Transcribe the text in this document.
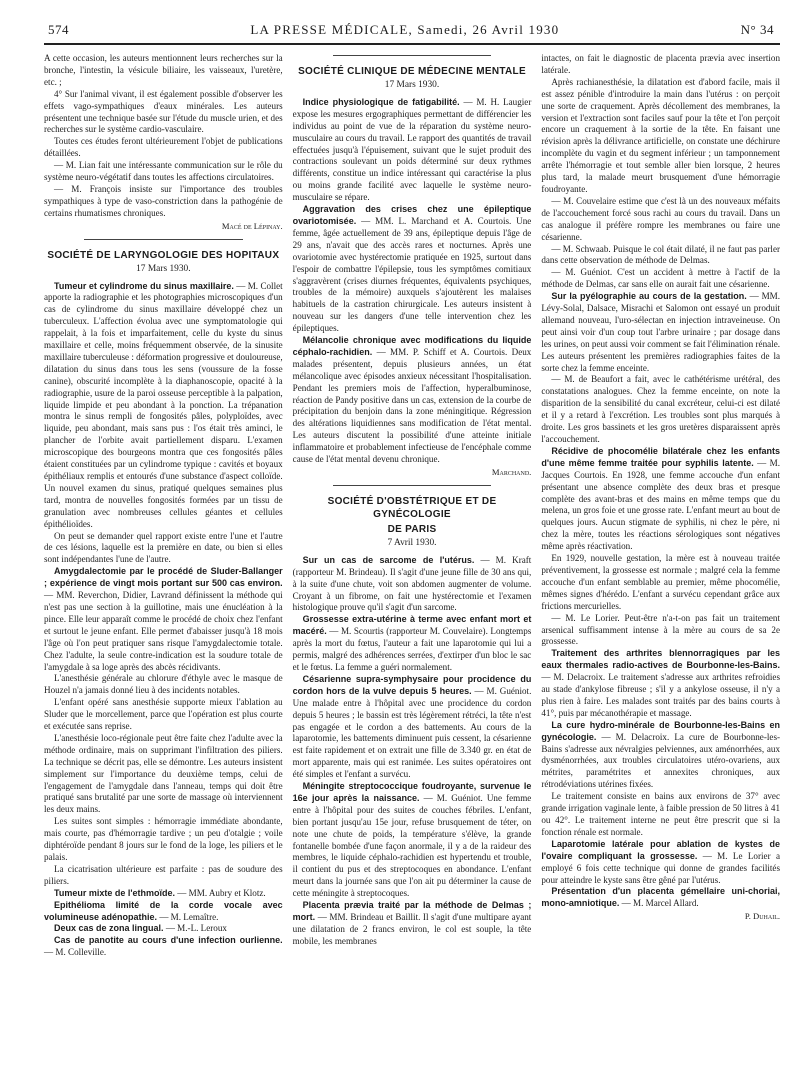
574	LA PRESSE MÉDICALE, Samedi, 26 Avril 1930	N° 34

A cette occasion, les auteurs mentionnent leurs recherches sur la bronche, l'intestin, la vésicule biliaire, les vaisseaux, l'uretère, etc. ;

4° Sur l'animal vivant, il est également possible d'observer les effets vago-sympathiques d'eaux minérales. Les auteurs présentent une technique basée sur l'étude du muscle urien, et des recherches sur le système cardio-vasculaire.

Toutes ces études feront ultérieurement l'objet de publications détaillées.

— M. Lian fait une intéressante communication sur le rôle du système neuro-végétatif dans toutes les affections circulatoires.

— M. François insiste sur l'importance des troubles sympathiques à type de vaso-constriction dans la pathogénie de certains rhumatismes chroniques.

Macé de Lépinay.
SOCIÉTÉ DE LARYNGOLOGIE DES HOPITAUX
17 Mars 1930.

Tumeur et cylindrome du sinus maxillaire. — M. Collet apporte la radiographie et les photographies microscopiques d'un cas de cylindrome du sinus maxillaire développé chez un tuberculeux. L'affection évolua avec une symptomatologie qui rappelait, à la fois et imparfaitement, celle du kyste du sinus maxillaire et celle, moins fréquemment observée, de la sinusite maxillaire tuberculeuse : déformation progressive et douloureuse, dilatation du sinus dans tous les sens (voussure de la fosse canine), obscurité incomplète à la diaphanoscopie, opacité à la radiographie, usure de la paroi osseuse perceptible à la palpation, liquide limpide et peu abondant à la ponction. La trépanation montra le sinus rempli de fongosités pâles, polyploïdes, avec liquide, peu abondant, mais sans pus : l'os était très aminci, le plancher de l'orbite avait partiellement disparu. L'examen microscopique des bourgeons montra que ces fongosités pâles étaient constituées par un cylindrome typique : cavités et boyaux épithéliaux remplis et entourés d'une substance d'aspect colloïde. Un nouvel examen du sinus, pratiqué quelques semaines plus tard, montra de nouvelles fongosités formées par un tissu de granulation avec nombreuses cellules géantes et cellules épithélioïdes.

On peut se demander quel rapport existe entre l'une et l'autre de ces lésions, laquelle est la première en date, ou bien si elles sont indépendantes l'une de l'autre.

Amygdalectomie par le procédé de Sluder-Ballanger ; expérience de vingt mois portant sur 500 cas environ. — MM. Reverchon, Didier, Lavrand définissent la méthode qui n'est pas une section à la guillotine, mais une énucléation à la pince. Elle leur apparaît comme le procédé de choix chez l'enfant et surtout le jeune enfant. Elle permet d'abaisser jusqu'à 18 mois l'âge où l'on peut pratiquer sans risque l'amygdalectomie totale. Chez l'adulte, la seule contre-indication est la soudure totale de l'amygdale à sa loge après des abcès récidivants.

L'anesthésie générale au chlorure d'éthyle avec le masque de Houzel n'a jamais donné lieu à des incidents notables.

L'enfant opéré sans anesthésie supporte mieux l'ablation au Sluder que le morcellement, parce que l'opération est plus courte et exécutée sans reprise.

L'anesthésie loco-régionale peut être faite chez l'adulte avec la méthode ordinaire, mais on supprimant l'infiltration des piliers. La technique se décrit pas, elle se démontre. Les auteurs insistent simplement sur l'importance du deuxième temps, celui de l'engagement de l'amygdale dans l'anneau, temps qui doit être pratiqué sans brutalité par une sorte de massage où interviennent les deux mains.

Les suites sont simples : hémorragie immédiate abondante, mais courte, pas d'hémorragie tardive ; un peu d'otalgie ; voile diphtéroïde pendant 8 jours sur le fond de la loge, les piliers et le palais.

La cicatrisation ultérieure est parfaite : pas de soudure des piliers.

Tumeur mixte de l'ethmoïde. — MM. Aubry et Klotz.

Epithélioma limité de la corde vocale avec volumineuse adénopathie. — M. Lemaître.

Deux cas de zona lingual. — M.-L. Leroux

Cas de panotite au cours d'une infection ourlienne. — M. Colleville.

SOCIÉTÉ CLINIQUE DE MÉDECINE MENTALE
17 Mars 1930.

Indice physiologique de fatigabilité. — M. H. Laugier expose les mesures ergographiques permettant de différencier les individus au point de vue de la réparation du système neuro-musculaire au cours du travail. Le rapport des quantités de travail effectuées jusqu'à l'épuisement, suivant que le sujet produit des contractions soulevant un poids déterminé sur deux rythmes différents, constitue un indice intéressant qui caractérise la plus ou moins grande facilité avec laquelle le système neuro-musculaire se répare.

Aggravation des crises chez une épileptique ovariotomisée. — MM. L. Marchand et A. Courtois. Une femme, âgée actuellement de 39 ans, épileptique depuis l'âge de 29 ans, n'avait que des accès rares et nocturnes. Après une ovariotomie avec hystérectomie pratiquée en 1925, surtout dans l'espoir de combattre l'épilepsie, tous les symptômes comitiaux s'aggravèrent (crises diurnes fréquentes, équivalents psychiques, troubles de la mémoire) auxquels s'ajoutèrent les malaises habituels de la castration chirurgicale. Les auteurs insistent à nouveau sur les dangers d'une telle intervention chez les épileptiques.

Mélancolie chronique avec modifications du liquide céphalo-rachidien. — MM. P. Schiff et A. Courtois. Deux malades présentent, depuis plusieurs années, un état mélancolique avec épisodes anxieux nécessitant l'hospitalisation. Pendant les premiers mois de l'affection, hyperalbuminose, réaction de Pandy positive dans un cas, extension de la courbe de précipitation du benjoin dans la zone méningitique. Régression des altérations liquidiennes sans modification de l'état mental. Les auteurs discutent la possibilité d'une atteinte initiale inflammatoire et probablement infectieuse de l'encéphale comme cause de l'état mental devenu chronique.

Marchand.
SOCIÉTÉ D'OBSTÉTRIQUE ET DE GYNÉCOLOGIE
DE PARIS
7 Avril 1930.

Sur un cas de sarcome de l'utérus. — M. Kraft (rapporteur M. Brindeau). Il s'agit d'une jeune fille de 30 ans qui, à la suite d'une chute, voit son abdomen augmenter de volume. Croyant à un fibrome, on fait une hystérectomie et l'examen histologique prouve qu'il s'agit d'un sarcome.

Grossesse extra-utérine à terme avec enfant mort et macéré. — M. Scourtis (rapporteur M. Couvelaire). Longtemps après la mort du fœtus, l'auteur a fait une laparotomie qui lui a permis, malgré des adhérences serrées, d'extirper d'un bloc le sac et le fœtus. La femme a guéri normalement.

Césarienne supra-symphysaire pour procidence du cordon hors de la vulve depuis 5 heures. — M. Guéniot. Une malade entre à l'hôpital avec une procidence du cordon depuis 5 heures ; le bassin est très légèrement rétréci, la tête n'est pas engagée et le cordon a des battements. Au cours de la laparotomie, les battements diminuent puis cessent, la césarienne est faite rapidement et on extrait une fille de 3.340 gr. en état de mort apparente, mais qui est ranimée. Les suites opératoires ont été simples et l'enfant a survécu.

Méningite streptococcique foudroyante, survenue le 16e jour après la naissance. — M. Guéniot. Une femme entre à l'hôpital pour des suites de couches fébriles. L'enfant, bien portant jusqu'au 15e jour, refuse brusquement de téter, on note une chute de poids, la température s'élève, la grande fontanelle bombée d'une façon anormale, il y a de la raideur des membres, le liquide céphalo-rachidien est hypertendu et trouble, il contient du pus et des streptocoques en abondance. L'enfant meurt dans la journée sans que l'on ait pu déterminer la cause de cette méningite à streptocoques.

Placenta prævia traité par la méthode de Delmas ; mort. — MM. Brindeau et Baillit. Il s'agit d'une multipare ayant une dilatation de 2 francs environ, le col est souple, la tête mobile, les membranes

intactes, on fait le diagnostic de placenta prævia avec insertion latérale.

Après rachianesthésie, la dilatation est d'abord facile, mais il est assez pénible d'introduire la main dans l'utérus : on perçoit une sorte de craquement. Après décollement des membranes, la version et l'extraction sont faciles sauf pour la tête et l'on perçoit encore un craquement à la sortie de la tête. En faisant une révision après la délivrance artificielle, on constate une déchirure incomplète du vagin et du segment inférieur ; un tamponnement arrête l'hémorragie et tout semble aller bien lorsque, 2 heures plus tard, la malade meurt brusquement d'une hémorragie foudroyante.

— M. Couvelaire estime que c'est là un des nouveaux méfaits de l'accouchement forcé sous rachi au cours du travail. Dans un cas analogue il préfère rompre les membranes ou faire une césarienne.

— M. Schwaab. Puisque le col était dilaté, il ne faut pas parler dans cette observation de méthode de Delmas.

— M. Guéniot. C'est un accident à mettre à l'actif de la méthode de Delmas, car sans elle on aurait fait une césarienne.

Sur la pyélographie au cours de la gestation. — MM. Lévy-Solal, Dalsace, Misrachi et Salomon ont essayé un produit allemand nouveau, l'uro-sélectan en injection intraveineuse. On peut ainsi voir d'un coup tout l'arbre urinaire ; par dosage dans les urines, on peut aussi voir comment se fait l'élimination rénale. Les auteurs présentent les premières radiographies faites de la sorte chez la femme enceinte.

— M. de Beaufort a fait, avec le cathétérisme urétéral, des constatations analogues. Chez la femme enceinte, on note la disparition de la sensibilité du canal excréteur, celui-ci est dilaté et il y a retard à l'excrétion. Les troubles sont plus marqués à droite. Les gros bassinets et les gros uretères disparaissent après l'accouchement.

Récidive de phocomélie bilatérale chez les enfants d'une même femme traitée pour syphilis latente. — M. Jacques Courtois. En 1928, une femme accouche d'un enfant présentant une absence complète des deux bras et presque complète des avant-bras et des mains en même temps que du melena, un gros foie et une grosse rate. L'enfant meurt au bout de quelques jours. Aucun stigmate de syphilis, ni chez le père, ni chez la mère, toutes les réactions sérologiques sont négatives même après réactivation.

En 1929, nouvelle gestation, la mère est à nouveau traitée préventivement, la grossesse est normale ; malgré cela la femme accouche d'un enfant semblable au premier, même phocomélie, mêmes signes d'hérédo. L'enfant a survécu cependant grâce aux frictions mercurielles.

— M. Le Lorier. Peut-être n'a-t-on pas fait un traitement arsenical suffisamment intense à la mère au cours de sa 2e grossesse.

Traitement des arthrites blennorragiques par les eaux thermales radio-actives de Bourbonne-les-Bains. — M. Delacroix. Le traitement s'adresse aux arthrites refroidies au stade d'ankylose fibreuse ; s'il y a ankylose osseuse, il n'y a plus rien à faire. Les malades sont traités par des bains courts à 41°, puis par mécanothérapie et massage.

La cure hydro-minérale de Bourbonne-les-Bains en gynécologie. — M. Delacroix. La cure de Bourbonne-les-Bains s'adresse aux névralgies pelviennes, aux aménorrhées, aux dysménorrhées, aux troubles circulatoires utéro-ovariens, aux métrites, paramétrites et annexites chroniques, aux rétrodéviations utérines fixées.

Le traitement consiste en bains aux environs de 37° avec grande irrigation vaginale lente, à faible pression de 50 litres à 41 ou 42°. Le traitement interne ne peut être prescrit que si la fonction rénale est normale.

Laparotomie latérale pour ablation de kystes de l'ovaire compliquant la grossesse. — M. Le Lorier a employé 6 fois cette technique qui donne de grandes facilités pour atteindre le kyste sans être gêné par l'utérus.

Présentation d'un placenta gémellaire uni-choriai, mono-amniotique. — M. Marcel Allard.

P. Duhail.
